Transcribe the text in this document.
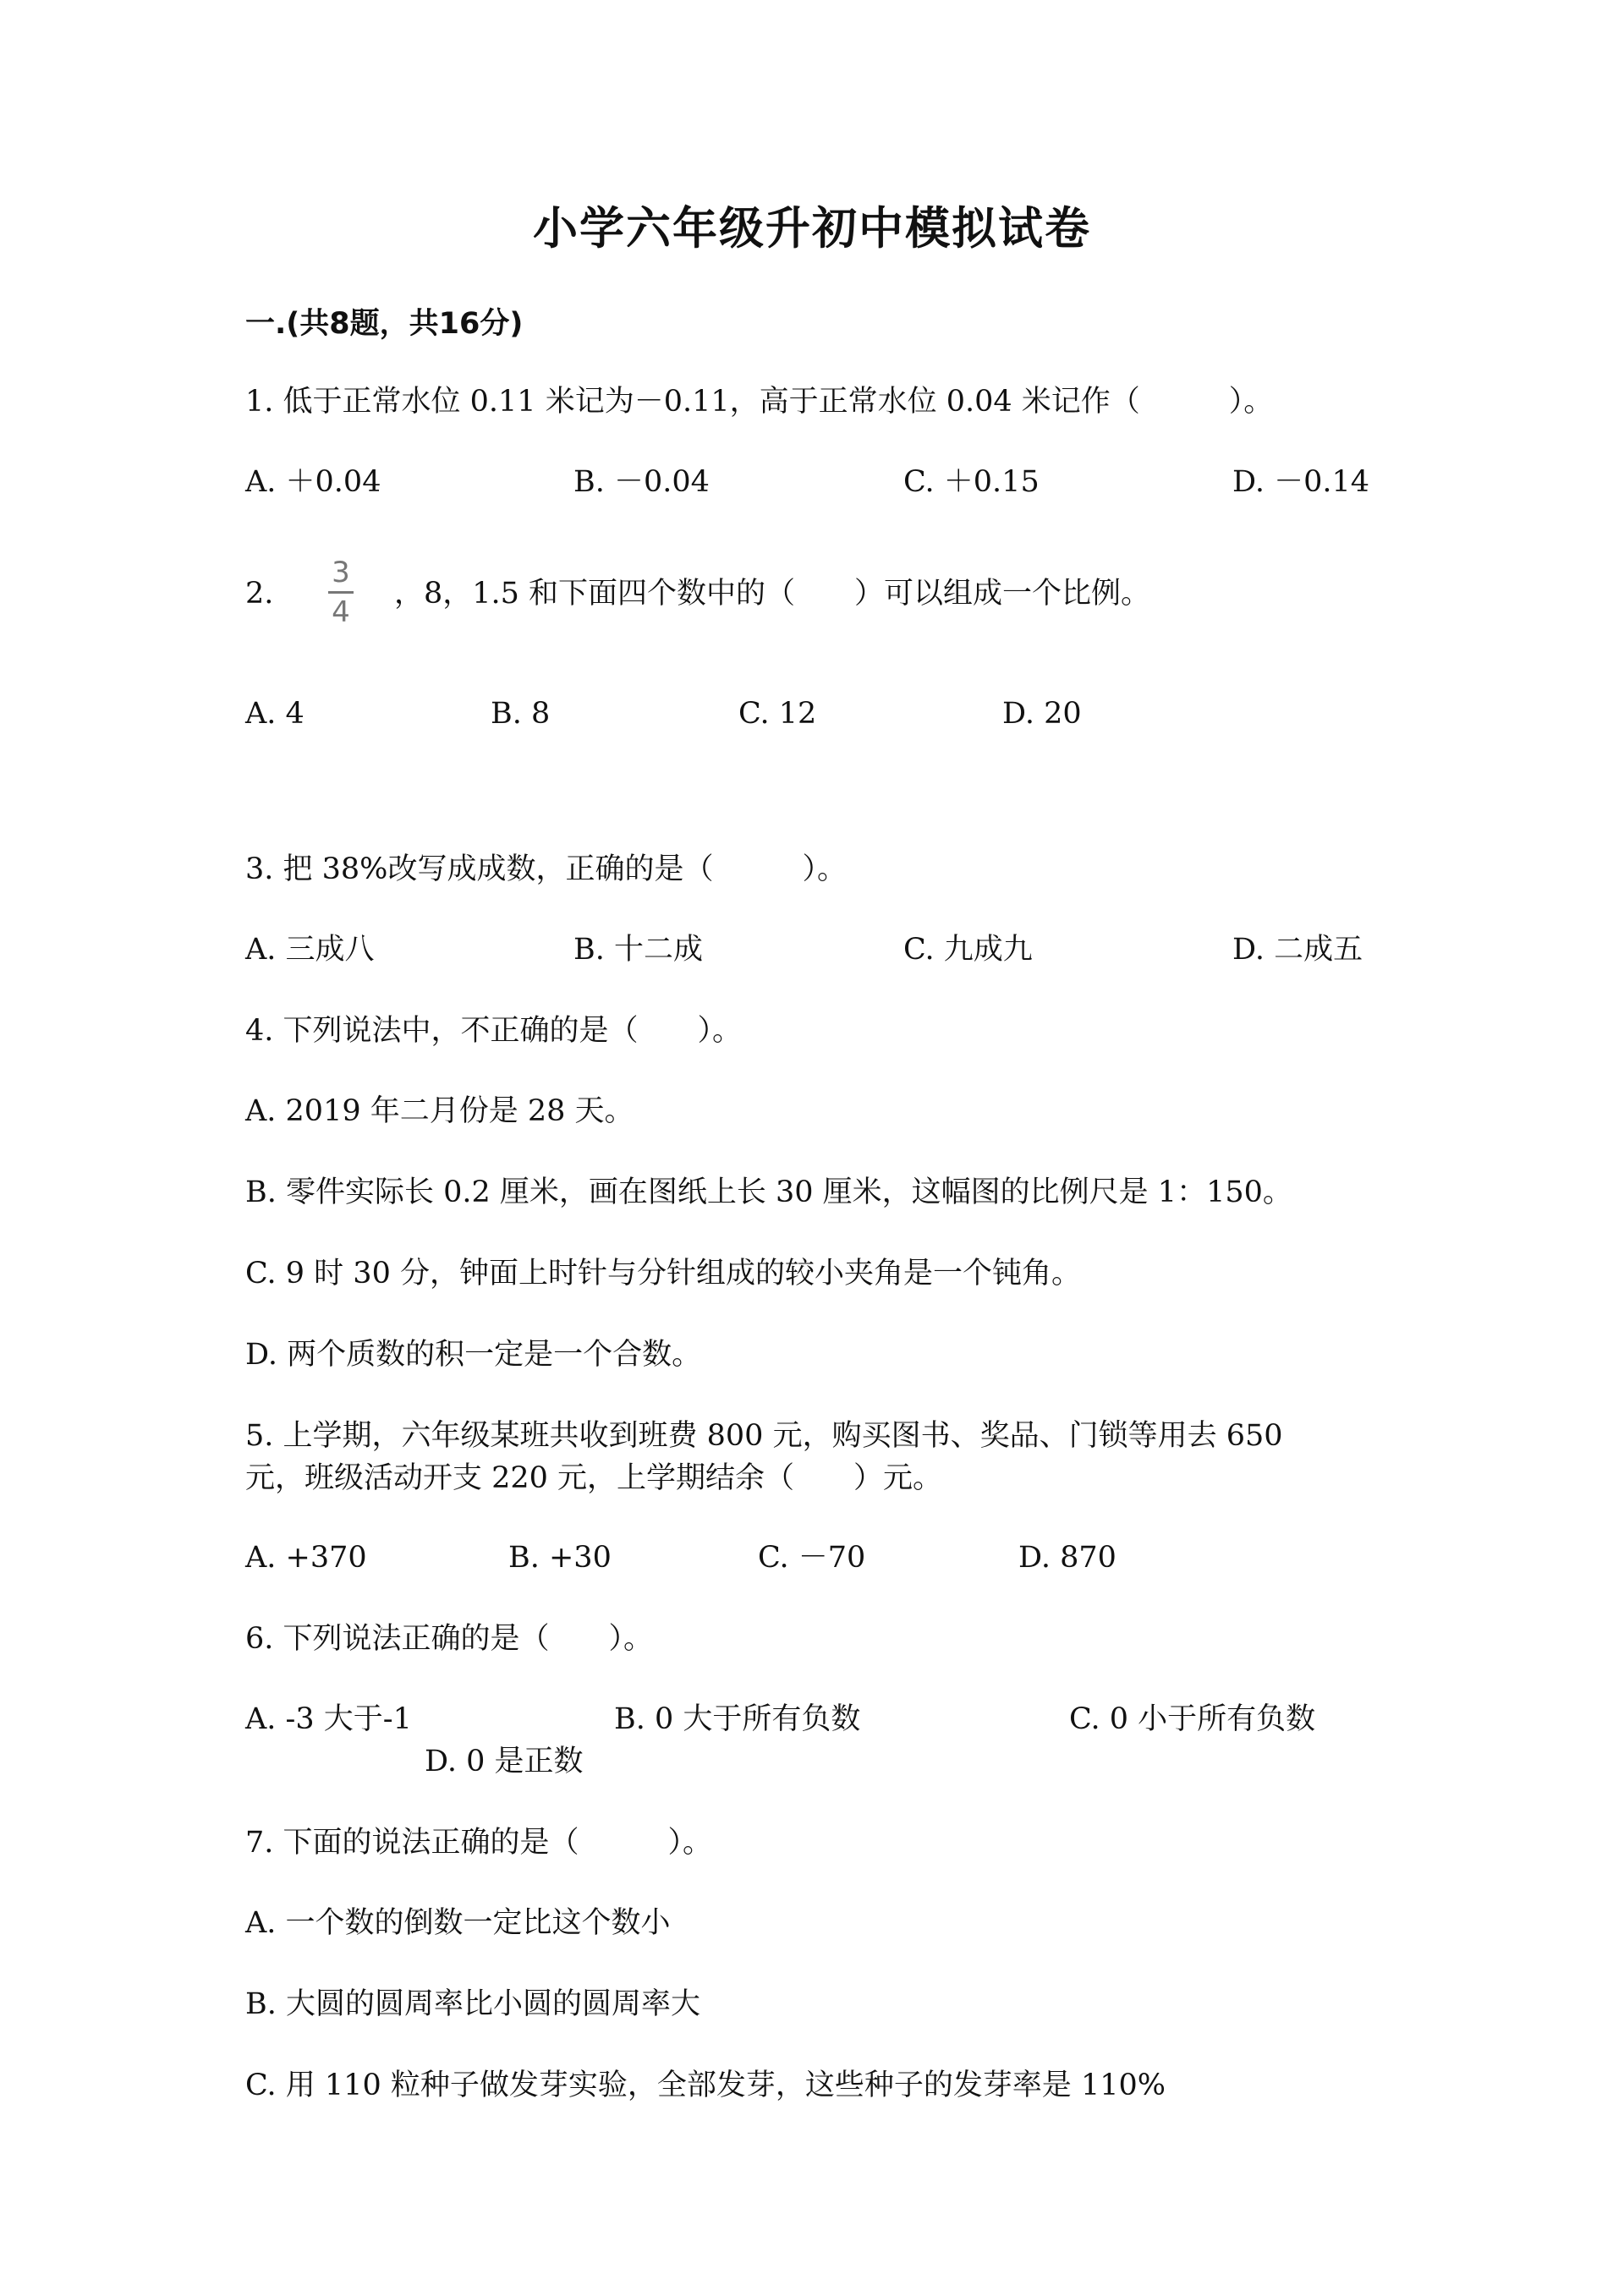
小学六年级升初中模拟试卷
一.(共8题，共16分)
1. 低于正常水位 0.11 米记为－0.11，高于正常水位 0.04 米记作（　　　）。
A. ＋0.04	B. －0.04	C. ＋0.15	D. －0.14
2.
3
4
，8，1.5 和下面四个数中的（　　）可以组成一个比例。
A. 4	B. 8	C. 12	D. 20
3. 把 38%改写成成数，正确的是（　　　）。
A. 三成八	B. 十二成	C. 九成九	D. 二成五
4. 下列说法中，不正确的是（　　）。
A. 2019 年二月份是 28 天。
B. 零件实际长 0.2 厘米，画在图纸上长 30 厘米，这幅图的比例尺是 1：150。
C. 9 时 30 分，钟面上时针与分针组成的较小夹角是一个钝角。
D. 两个质数的积一定是一个合数。
5. 上学期，六年级某班共收到班费 800 元，购买图书、奖品、门锁等用去 650
元，班级活动开支 220 元，上学期结余（　　）元。
A. +370	B. +30	C. －70	D. 870
6. 下列说法正确的是（　　）。
A. -3 大于-1	B. 0 大于所有负数	C. 0 小于所有负数
D. 0 是正数
7. 下面的说法正确的是（　　　）。
A. 一个数的倒数一定比这个数小
B. 大圆的圆周率比小圆的圆周率大
C. 用 110 粒种子做发芽实验，全部发芽，这些种子的发芽率是 110%
